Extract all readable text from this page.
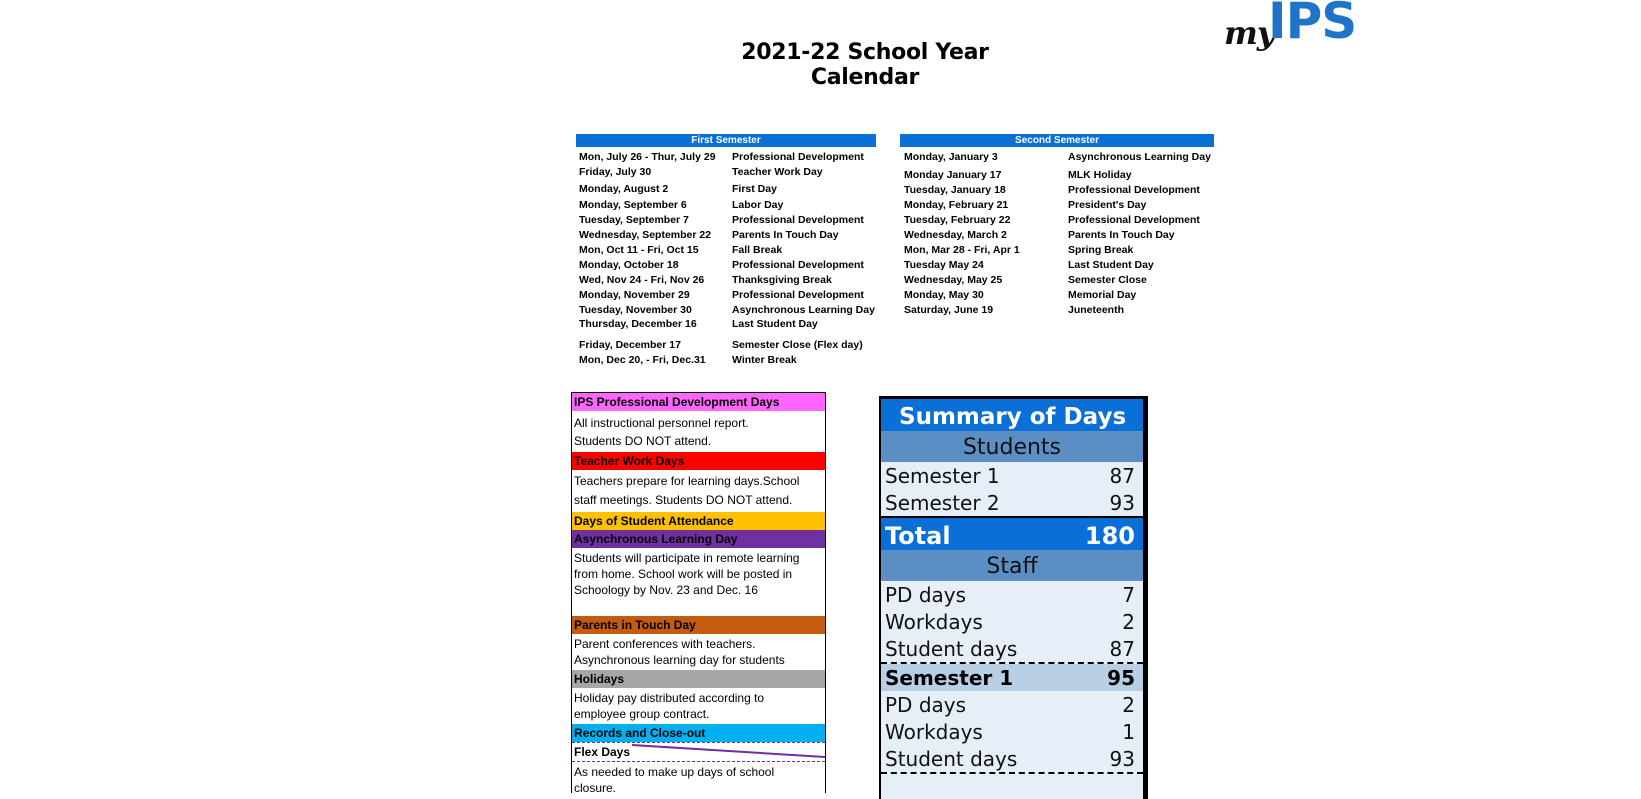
2021-22 School Year Calendar
my
IPS
First Semester
Mon, July 26 - Thur, July 29 Professional Development
Friday, July 30	Teacher Work Day
Monday, August 2	First Day
Monday, September 6	Labor Day
Tuesday, September 7	Professional Development
Wednesday, September 22 Parents In Touch Day
Mon, Oct 11 - Fri, Oct 15	Fall Break
Monday, October 18	Professional Development
Wed, Nov 24 - Fri, Nov 26	Thanksgiving Break
Monday, November 29	Professional Development
Tuesday, November 30	Asynchronous Learning Day
Thursday, December 16	Last Student Day
Friday, December 17	Semester Close (Flex day)
Mon, Dec 20, - Fri, Dec.31	Winter Break
Second Semester
Monday, January 3	Asynchronous Learning Day
Monday January 17	MLK Holiday
Tuesday, January 18	Professional Development
Monday, February 21	President's Day
Tuesday, February 22	Professional Development
Wednesday, March 2	Parents In Touch Day
Mon, Mar 28 - Fri, Apr 1	Spring Break
Tuesday May 24	Last Student Day
Wednesday, May 25	Semester Close
Monday, May 30	Memorial Day
Saturday, June 19	Juneteenth
IPS Professional Development Days
All instructional personnel report.
Students DO NOT attend.
Teacher Work Days
Teachers prepare for learning days.School
staff meetings. Students DO NOT attend.
Days of Student Attendance
Asynchronous Learning Day
Students will participate in remote learning
from home. School work will be posted in
Schoology by Nov. 23 and Dec. 16
Parents in Touch Day
Parent conferences with teachers.
Asynchronous learning day for students
Holidays
Holiday pay distributed according to
employee group contract.
Records and Close-out
Flex Days
As needed to make up days of school
closure.
Summary of Days
Students
Semester 1	87
Semester 2	93
Total	180
Staff
PD days	7
Workdays	2
Student days	87
Semester 1	95
PD days	2
Workdays	1
Student days	93
